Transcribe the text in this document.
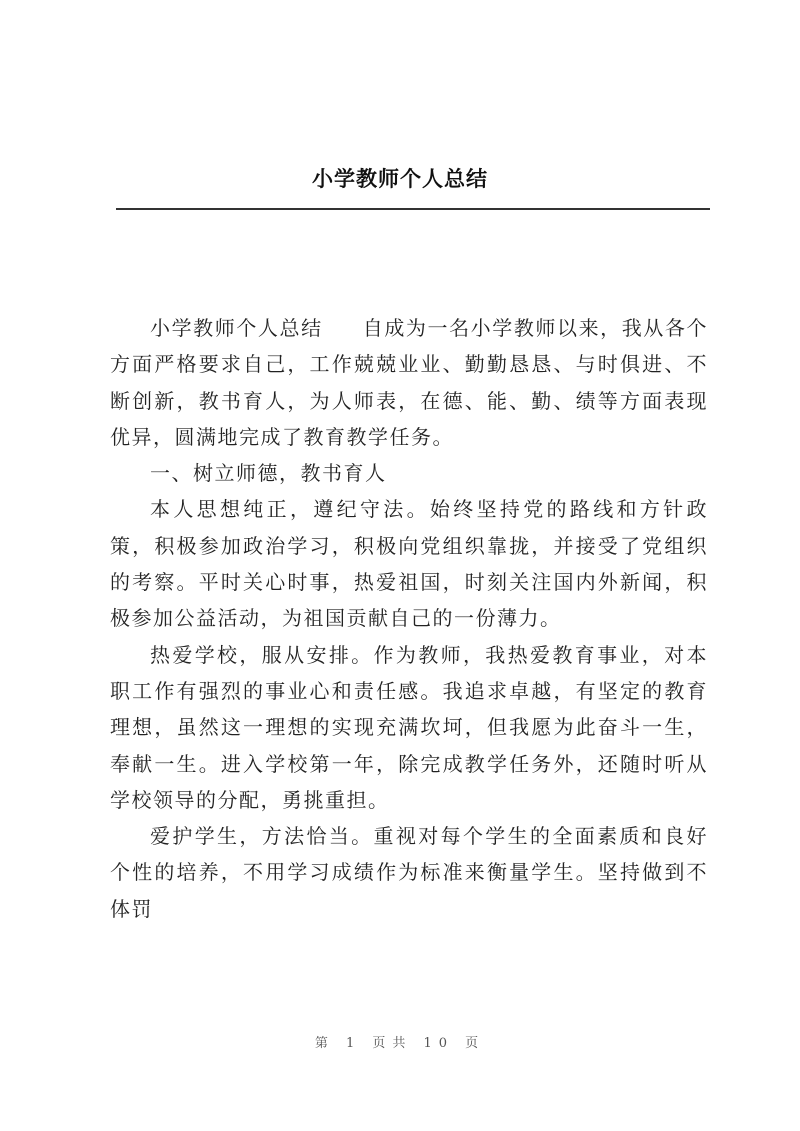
小学教师个人总结

小学教师个人总结 自成为一名小学教师以来，我从各个方面严格要求自己，工作兢兢业业、勤勤恳恳、与时俱进、不断创新，教书育人，为人师表，在德、能、勤、绩等方面表现优异，圆满地完成了教育教学任务。

一、树立师德，教书育人

本人思想纯正，遵纪守法。始终坚持党的路线和方针政策，积极参加政治学习，积极向党组织靠拢，并接受了党组织的考察。平时关心时事，热爱祖国，时刻关注国内外新闻，积极参加公益活动，为祖国贡献自己的一份薄力。

热爱学校，服从安排。作为教师，我热爱教育事业，对本职工作有强烈的事业心和责任感。我追求卓越，有坚定的教育理想，虽然这一理想的实现充满坎坷，但我愿为此奋斗一生，奉献一生。进入学校第一年，除完成教学任务外，还随时听从学校领导的分配，勇挑重担。

爱护学生，方法恰当。重视对每个学生的全面素质和良好个性的培养，不用学习成绩作为标准来衡量学生。坚持做到不体罚

第 1 页共 10 页
